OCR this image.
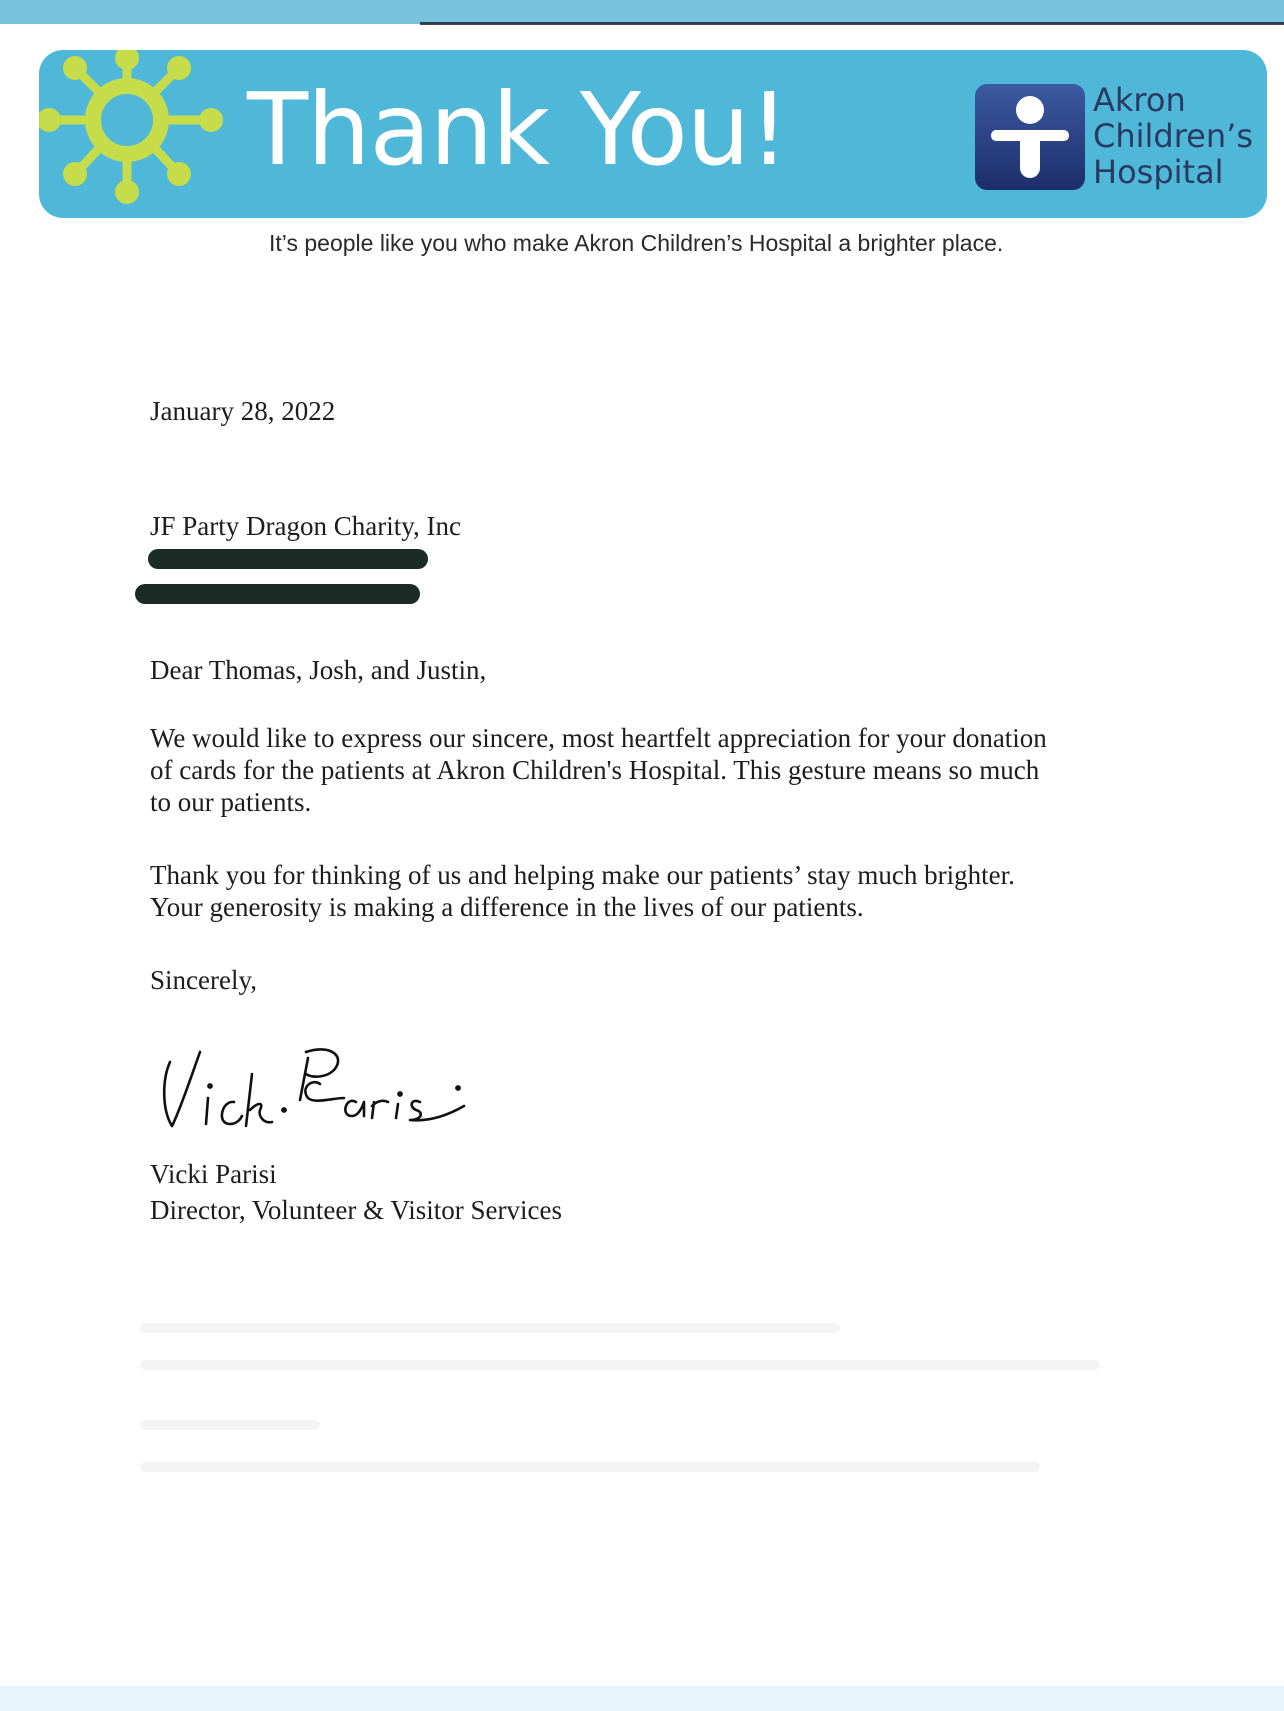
Thank You!	Akron
Children’s
Hospital
It’s people like you who make Akron Children’s Hospital a brighter place.
January 28, 2022
JF Party Dragon Charity, Inc
Dear Thomas, Josh, and Justin,
We would like to express our sincere, most heartfelt appreciation for your donation
of cards for the patients at Akron Children's Hospital. This gesture means so much
to our patients.
Thank you for thinking of us and helping make our patients’ stay much brighter.
Your generosity is making a difference in the lives of our patients.
Sincerely,
Vicki Parisi
Vicki Parisi
Director, Volunteer & Visitor Services
